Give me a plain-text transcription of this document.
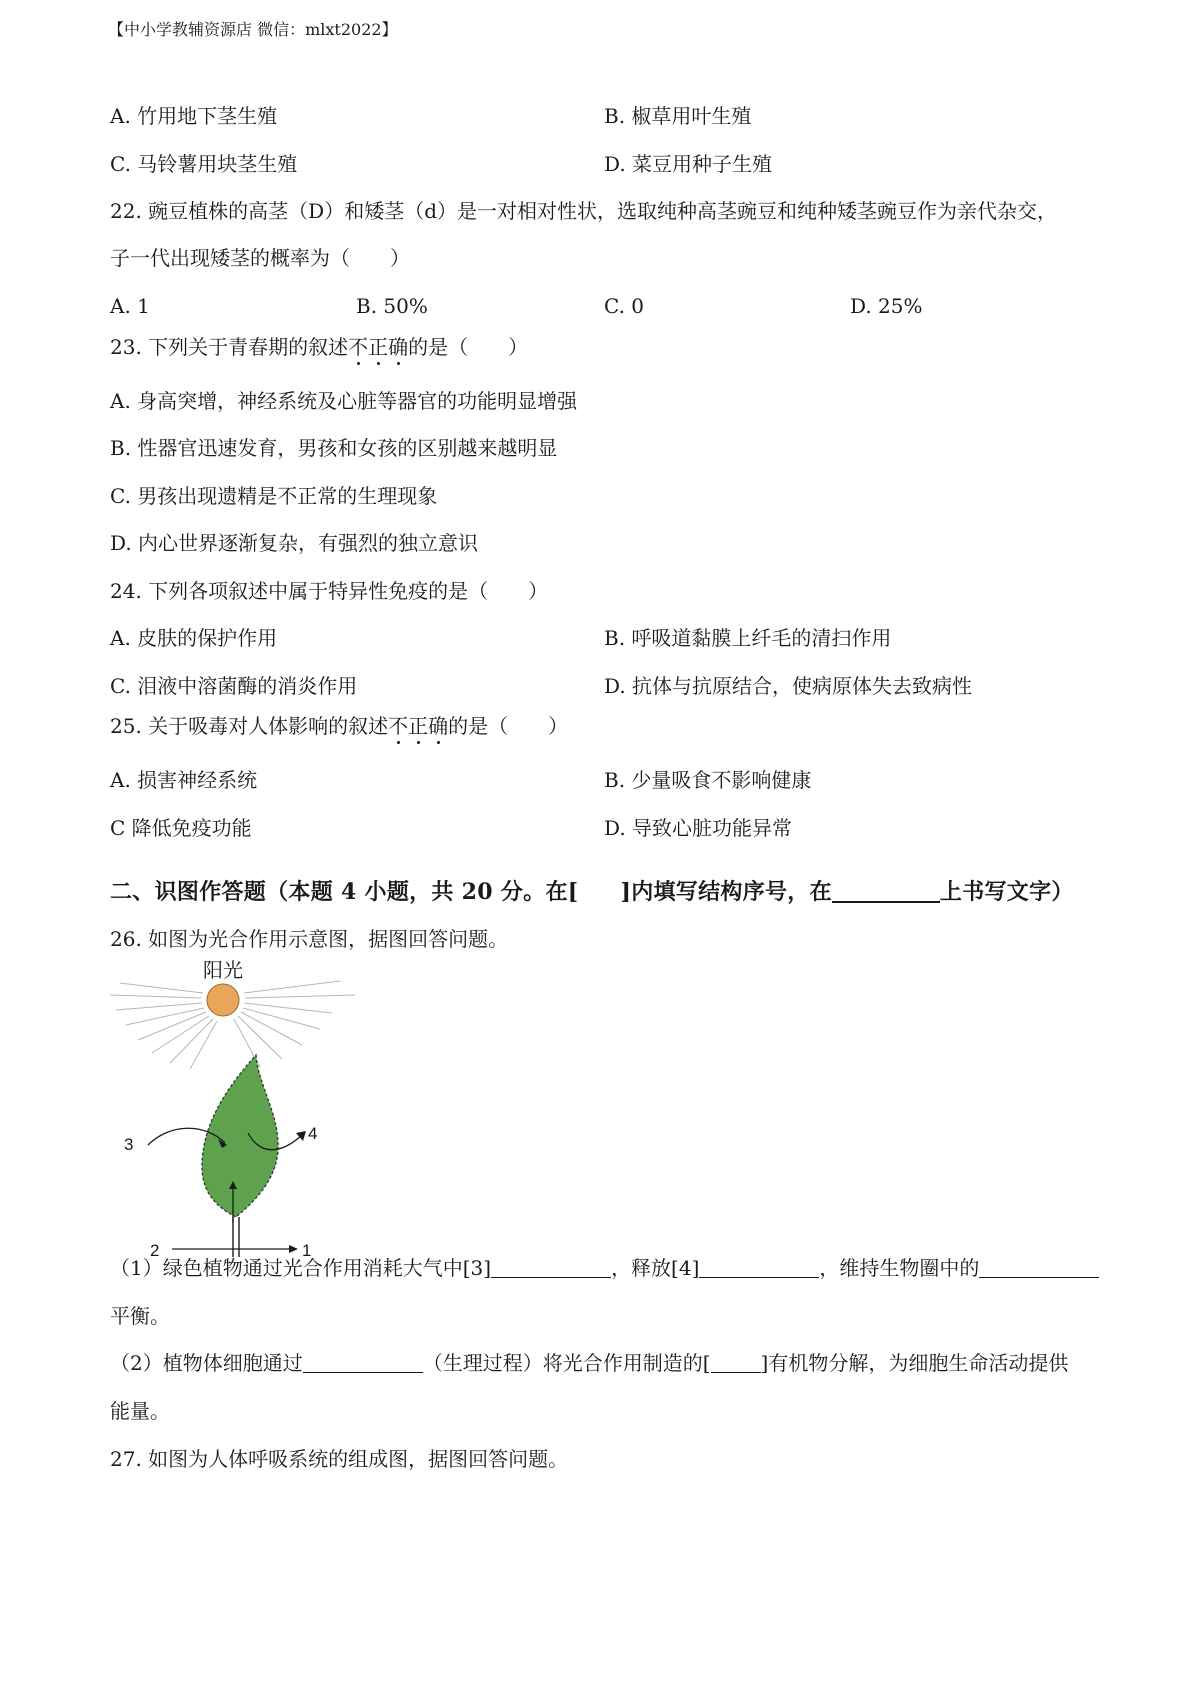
【中小学教辅资源店 微信：mlxt2022】
A. 竹用地下茎生殖	B. 椒草用叶生殖
C. 马铃薯用块茎生殖	D. 菜豆用种子生殖
22. 豌豆植株的高茎（D）和矮茎（d）是一对相对性状，选取纯种高茎豌豆和纯种矮茎豌豆作为亲代杂交，
子一代出现矮茎的概率为（　　）
A. 1	B. 50%	C. 0	D. 25%
23. 下列关于青春期的叙述不正确的是（　　）
A. 身高突增，神经系统及心脏等器官的功能明显增强
B. 性器官迅速发育，男孩和女孩的区别越来越明显
C. 男孩出现遗精是不正常的生理现象
D. 内心世界逐渐复杂，有强烈的独立意识
24. 下列各项叙述中属于特异性免疫的是（　　）
A. 皮肤的保护作用	B. 呼吸道黏膜上纤毛的清扫作用
C. 泪液中溶菌酶的消炎作用	D. 抗体与抗原结合，使病原体失去致病性
25. 关于吸毒对人体影响的叙述不正确的是（　　）
A. 损害神经系统	B. 少量吸食不影响健康
C 降低免疫功能	D. 导致心脏功能异常
二、识图作答题（本题 4 小题，共 20 分。在[ ]内填写结构序号，在	上书写文字）
26. 如图为光合作用示意图，据图回答问题。
阳光
3
4
2	1
（1）绿色植物通过光合作用消耗大气中[3]	，释放[4]	，维持生物圈中的
平衡。
（2）植物体细胞通过	（生理过程）将光合作用制造的[	]有机物分解，为细胞生命活动提供
能量。
27. 如图为人体呼吸系统的组成图，据图回答问题。
